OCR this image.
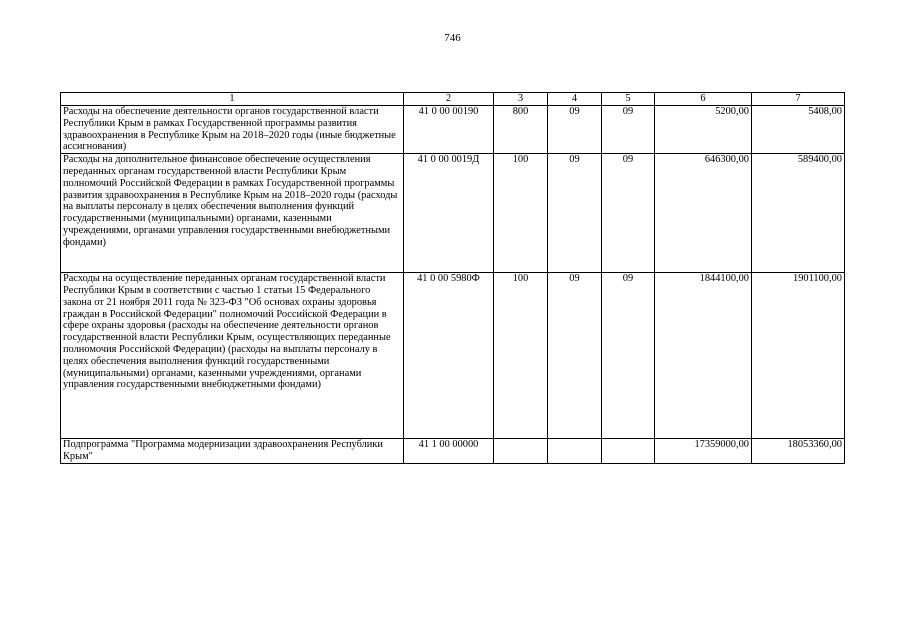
746
1	2	3	4	5	6	7
Расходы на обеспечение деятельности органов государственной власти Республики Крым в рамках Государственной программы развития здравоохранения в Республике Крым на 2018–2020 годы (иные бюджетные ассигнования)	41 0 00 00190	800	09	09	5200,00	5408,00
Расходы на дополнительное финансовое обеспечение осуществления переданных органам государственной власти Республики Крым полномочий Российской Федерации в рамках Государственной программы развития здравоохранения в Республике Крым на 2018–2020 годы (расходы на выплаты персоналу в целях обеспечения выполнения функций государственными (муниципальными) органами, казенными учреждениями, органами управления государственными внебюджетными фондами)	41 0 00 0019Д	100	09	09	646300,00	589400,00
Расходы на осуществление переданных органам государственной власти Республики Крым в соответствии с частью 1 статьи 15 Федерального закона от 21 ноября 2011 года № 323-ФЗ "Об основах охраны здоровья граждан в Российской Федерации" полномочий Российской Федерации в сфере охраны здоровья (расходы на обеспечение деятельности органов государственной власти Республики Крым, осуществляющих переданные полномочия Российской Федерации) (расходы на выплаты персоналу в целях обеспечения выполнения функций государственными (муниципальными) органами, казенными учреждениями, органами управления государственными внебюджетными фондами)	41 0 00 5980Ф	100	09	09	1844100,00	1901100,00
Подпрограмма "Программа модернизации здравоохранения Республики Крым"	41 1 00 00000				17359000,00	18053360,00
